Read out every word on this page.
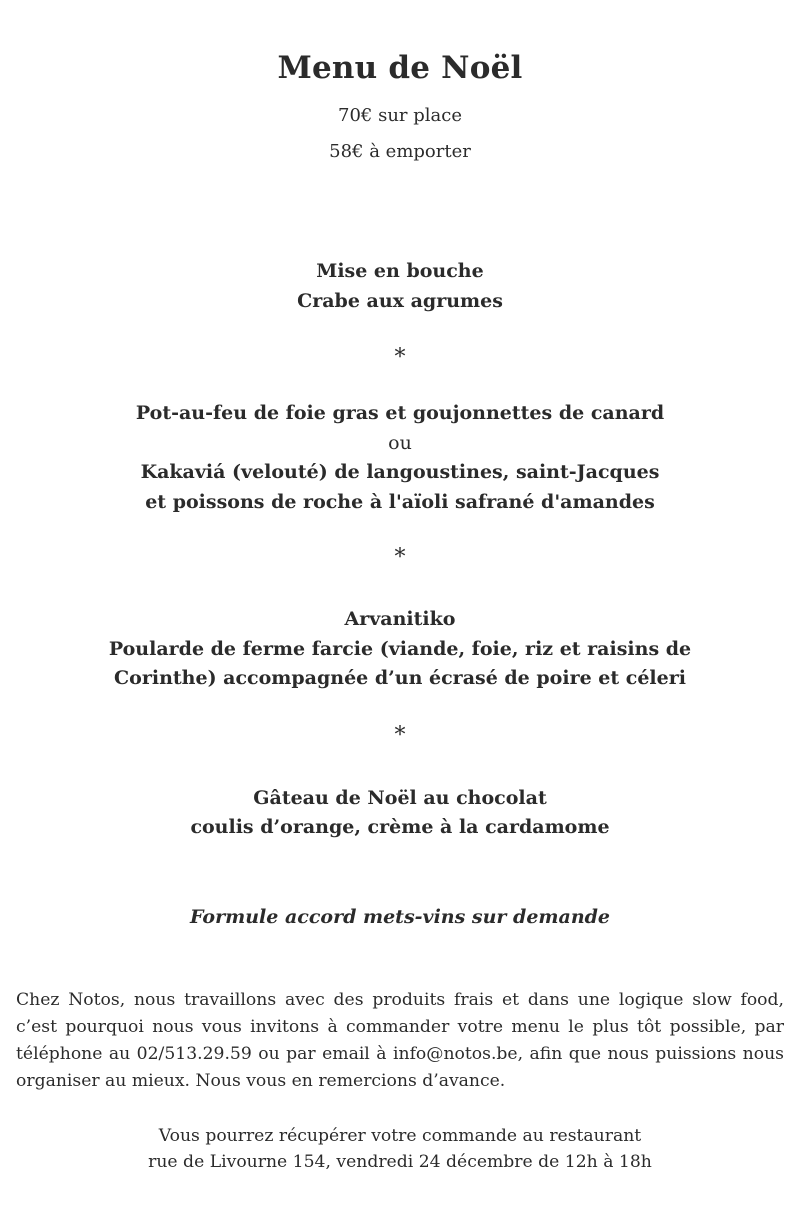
Menu de Noël
70€ sur place
58€ à emporter
Mise en bouche
Crabe aux agrumes
*
Pot-au-feu de foie gras et goujonnettes de canard
ou
Kakaviá (velouté) de langoustines, saint-Jacques
et poissons de roche à l'aïoli safrané d'amandes
*
Arvanitiko
Poularde de ferme farcie (viande, foie, riz et raisins de
Corinthe) accompagnée d’un écrasé de poire et céleri
*
Gâteau de Noël au chocolat
coulis d’orange, crème à la cardamome
Formule accord mets-vins sur demande

Chez Notos, nous travaillons avec des produits frais et dans une logique slow food, c’est pourquoi nous vous invitons à commander votre menu le plus tôt possible, par téléphone au 02/513.29.59 ou par email à info@notos.be, afin que nous puissions nous organiser au mieux. Nous vous en remercions d’avance.

Vous pourrez récupérer votre commande au restaurant
rue de Livourne 154, vendredi 24 décembre de 12h à 18h
